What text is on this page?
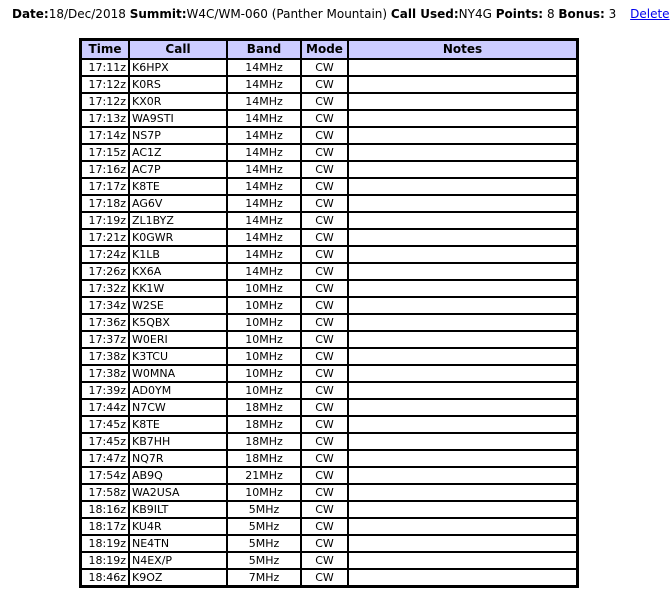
Date:18/Dec/2018 Summit:W4C/WM-060 (Panther Mountain) Call Used:NY4G Points: 8 Bonus: 3 Delete
Time	Call	Band	Mode	Notes
17:11z	K6HPX	14MHz	CW	
17:12z	K0RS	14MHz	CW	
17:12z	KX0R	14MHz	CW	
17:13z	WA9STI	14MHz	CW	
17:14z	NS7P	14MHz	CW	
17:15z	AC1Z	14MHz	CW	
17:16z	AC7P	14MHz	CW	
17:17z	K8TE	14MHz	CW	
17:18z	AG6V	14MHz	CW	
17:19z	ZL1BYZ	14MHz	CW	
17:21z	K0GWR	14MHz	CW	
17:24z	K1LB	14MHz	CW	
17:26z	KX6A	14MHz	CW	
17:32z	KK1W	10MHz	CW	
17:34z	W2SE	10MHz	CW	
17:36z	K5QBX	10MHz	CW	
17:37z	W0ERI	10MHz	CW	
17:38z	K3TCU	10MHz	CW	
17:38z	W0MNA	10MHz	CW	
17:39z	AD0YM	10MHz	CW	
17:44z	N7CW	18MHz	CW	
17:45z	K8TE	18MHz	CW	
17:45z	KB7HH	18MHz	CW	
17:47z	NQ7R	18MHz	CW	
17:54z	AB9Q	21MHz	CW	
17:58z	WA2USA	10MHz	CW	
18:16z	KB9ILT	5MHz	CW	
18:17z	KU4R	5MHz	CW	
18:19z	NE4TN	5MHz	CW	
18:19z	N4EX/P	5MHz	CW	
18:46z	K9OZ	7MHz	CW	
